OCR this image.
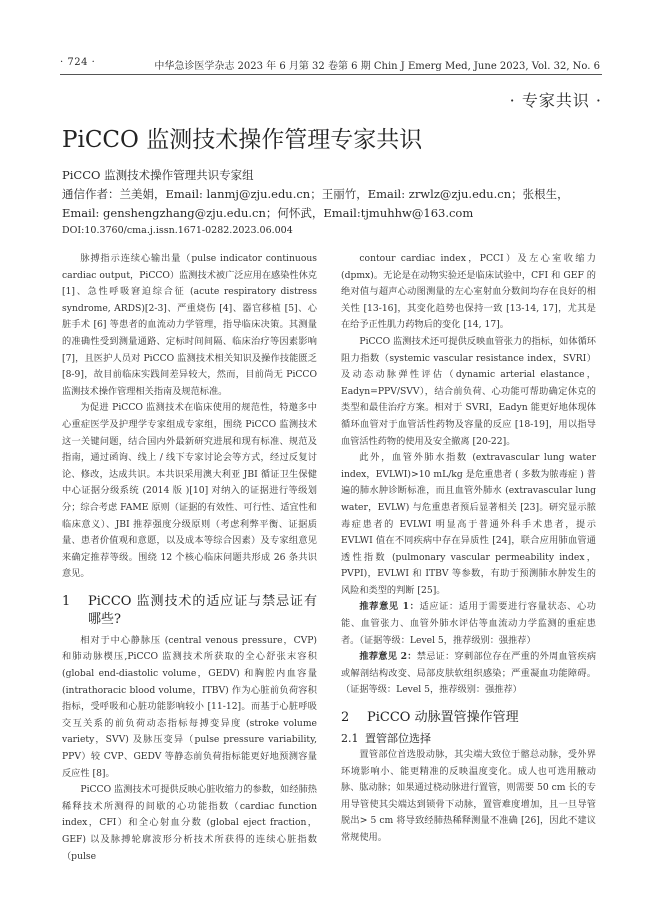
· 724 ·	中华急诊医学杂志 2023 年 6 月第 32 卷第 6 期 Chin J Emerg Med, June 2023, Vol. 32, No. 6
· 专家共识 ·
PiCCO 监测技术操作管理专家共识
PiCCO 监测技术操作管理共识专家组
通信作者：兰美娟，Email: lanmj@zju.edu.cn；王丽竹，Email: zrwlz@zju.edu.cn；张根生，
Email: genshengzhang@zju.edu.cn；何怀武，Email:tjmuhhw@163.com
DOI:10.3760/cma.j.issn.1671-0282.2023.06.004

脉搏指示连续心输出量（pulse indicator continuous cardiac output，PiCCO）监测技术被广泛应用在感染性休克 [1]、急性呼吸窘迫综合征 (acute respiratory distress syndrome, ARDS)[2-3]、严重烧伤 [4]、器官移植 [5]、心脏手术 [6] 等患者的血流动力学管理，指导临床决策。其测量的准确性受到测量通路、定标时间间隔、临床治疗等因素影响 [7]，且医护人员对 PiCCO 监测技术相关知识及操作技能匮乏 [8-9]，故目前临床实践间差异较大，然而，目前尚无 PiCCO 监测技术操作管理相关指南及规范标准。

为促进 PiCCO 监测技术在临床使用的规范性，特邀多中心重症医学及护理学专家组成专家组，围绕 PiCCO 监测技术这一关键问题，结合国内外最新研究进展和现有标准、规范及指南，通过函询、线上 / 线下专家讨论会等方式，经过反复讨论、修改，达成共识。本共识采用澳大利亚 JBI 循证卫生保健中心证据分级系统 (2014 版 )[10] 对纳入的证据进行等级划分；综合考虑 FAME 原则（证据的有效性、可行性、适宜性和临床意义）、JBI 推荐强度分级原则（考虑利弊平衡、证据质量、患者价值观和意愿，以及成本等综合因素）及专家组意见来确定推荐等级。围绕 12 个核心临床问题共形成 26 条共识意见。

1	PiCCO 监测技术的适应证与禁忌证有哪些?

相对于中心静脉压 (central venous pressure，CVP) 和肺动脉楔压,PiCCO 监测技术所获取的全心舒张末容积 (global end-diastolic volume，GEDV) 和胸腔内血容量 (intrathoracic blood volume，ITBV) 作为心脏前负荷容积指标，受呼吸和心脏功能影响较小 [11-12]。而基于心脏呼吸交互关系的前负荷动态指标每搏变异度 (stroke volume variety，SVV) 及脉压变异（pulse pressure variability, PPV）较 CVP、GEDV 等静态前负荷指标能更好地预测容量反应性 [8]。

PiCCO 监测技术可提供反映心脏收缩力的参数，如经肺热稀释技术所测得的间歇的心功能指数（cardiac function index，CFI）和全心射血分数 (global eject fraction，GEF) 以及脉搏轮廓波形分析技术所获得的连续心脏指数（pulse

contour cardiac index，PCCI）及左心室收缩力 (dpmx)。无论是在动物实验还是临床试验中，CFI 和 GEF 的绝对值与超声心动图测量的左心室射血分数间均存在良好的相关性 [13-16]，其变化趋势也保持一致 [13-14, 17]，尤其是在给予正性肌力药物后的变化 [14, 17]。

PiCCO 监测技术还可提供反映血管张力的指标，如体循环阻力指数（systemic vascular resistance index，SVRI）及动态动脉弹性评估（dynamic arterial elastance，Eadyn=PPV/SVV），结合前负荷、心功能可帮助确定休克的类型和最佳治疗方案。相对于 SVRI，Eadyn 能更好地体现体循环血管对于血管活性药物及容量的反应 [18-19]，用以指导血管活性药物的使用及安全撤离 [20-22]。

此外，血管外肺水指数 (extravascular lung water index，EVLWI)>10 mL/kg 是危重患者 ( 多数为脓毒症 ) 普遍的肺水肿诊断标准，而且血管外肺水 (extravascular lung water，EVLW) 与危重患者预后显著相关 [23]。研究显示脓毒症患者的 EVLWI 明显高于普通外科手术患者，提示 EVLWI 值在不同疾病中存在异质性 [24]，联合应用肺血管通透性指数 (pulmonary vascular permeability index，PVPI)，EVLWI 和 ITBV 等参数，有助于预测肺水肿发生的风险和类型的判断 [25]。

推荐意见 1：适应证：适用于需要进行容量状态、心功能、血管张力、血管外肺水评估等血流动力学监测的重症患者。（证据等级：Level 5，推荐级别：强推荐）

推荐意见 2：禁忌证：穿刺部位存在严重的外周血管疾病或解剖结构改变、局部皮肤软组织感染；严重凝血功能障碍。（证据等级：Level 5，推荐级别：强推荐）

2	PiCCO 动脉置管操作管理
2.1 置管部位选择

置管部位首选股动脉，其尖端大致位于髂总动脉，受外界环境影响小、能更精准的反映温度变化。成人也可选用腋动脉、肱动脉；如果通过桡动脉进行置管，则需要 50 cm 长的专用导管使其尖端达到锁骨下动脉，置管难度增加，且一旦导管脱出> 5 cm 将导致经肺热稀释测量不准确 [26]，因此不建议常规使用。
